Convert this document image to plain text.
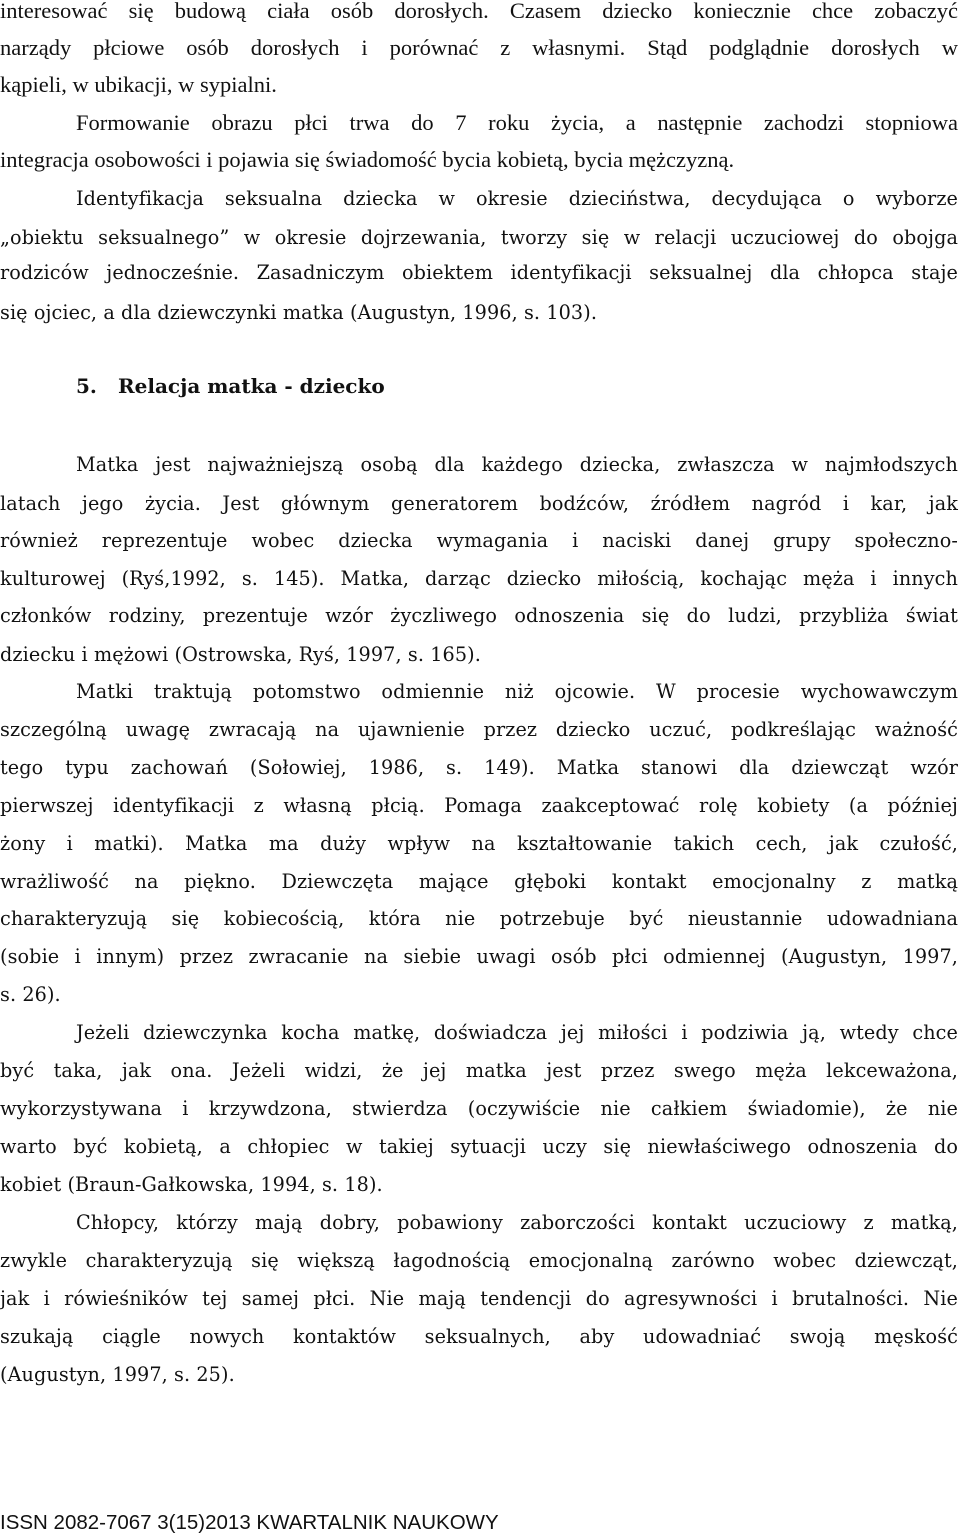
interesować się budową ciała osób dorosłych. Czasem dziecko koniecznie chce zobaczyć
narządy płciowe osób dorosłych i porównać z własnymi. Stąd podglądnie dorosłych w
kąpieli, w ubikacji, w sypialni.
Formowanie obrazu płci trwa do 7 roku życia, a następnie zachodzi stopniowa
integracja osobowości i pojawia się świadomość bycia kobietą, bycia mężczyzną.
Identyfikacja seksualna dziecka w okresie dzieciństwa, decydująca o wyborze
„obiektu seksualnego” w okresie dojrzewania, tworzy się w relacji uczuciowej do obojga
rodziców jednocześnie. Zasadniczym obiektem identyfikacji seksualnej dla chłopca staje
się ojciec, a dla dziewczynki matka (Augustyn, 1996, s. 103).
5. Relacja matka - dziecko
Matka jest najważniejszą osobą dla każdego dziecka, zwłaszcza w najmłodszych
latach jego życia. Jest głównym generatorem bodźców, źródłem nagród i kar, jak
również reprezentuje wobec dziecka wymagania i naciski danej grupy społeczno-
kulturowej (Ryś,1992, s. 145). Matka, darząc dziecko miłością, kochając męża i innych
członków rodziny, prezentuje wzór życzliwego odnoszenia się do ludzi, przybliża świat
dziecku i mężowi (Ostrowska, Ryś, 1997, s. 165).
Matki traktują potomstwo odmiennie niż ojcowie. W procesie wychowawczym
szczególną uwagę zwracają na ujawnienie przez dziecko uczuć, podkreślając ważność
tego typu zachowań (Sołowiej, 1986, s. 149). Matka stanowi dla dziewcząt wzór
pierwszej identyfikacji z własną płcią. Pomaga zaakceptować rolę kobiety (a później
żony i matki). Matka ma duży wpływ na kształtowanie takich cech, jak czułość,
wrażliwość na piękno. Dziewczęta mające głęboki kontakt emocjonalny z matką
charakteryzują się kobiecością, która nie potrzebuje być nieustannie udowadniana
(sobie i innym) przez zwracanie na siebie uwagi osób płci odmiennej (Augustyn, 1997,
s. 26).
Jeżeli dziewczynka kocha matkę, doświadcza jej miłości i podziwia ją, wtedy chce
być taka, jak ona. Jeżeli widzi, że jej matka jest przez swego męża lekceważona,
wykorzystywana i krzywdzona, stwierdza (oczywiście nie całkiem świadomie), że nie
warto być kobietą, a chłopiec w takiej sytuacji uczy się niewłaściwego odnoszenia do
kobiet (Braun-Gałkowska, 1994, s. 18).
Chłopcy, którzy mają dobry, pobawiony zaborczości kontakt uczuciowy z matką,
zwykle charakteryzują się większą łagodnością emocjonalną zarówno wobec dziewcząt,
jak i rówieśników tej samej płci. Nie mają tendencji do agresywności i brutalności. Nie
szukają ciągle nowych kontaktów seksualnych, aby udowadniać swoją męskość
(Augustyn, 1997, s. 25).
ISSN 2082-7067 3(15)2013 KWARTALNIK NAUKOWY
